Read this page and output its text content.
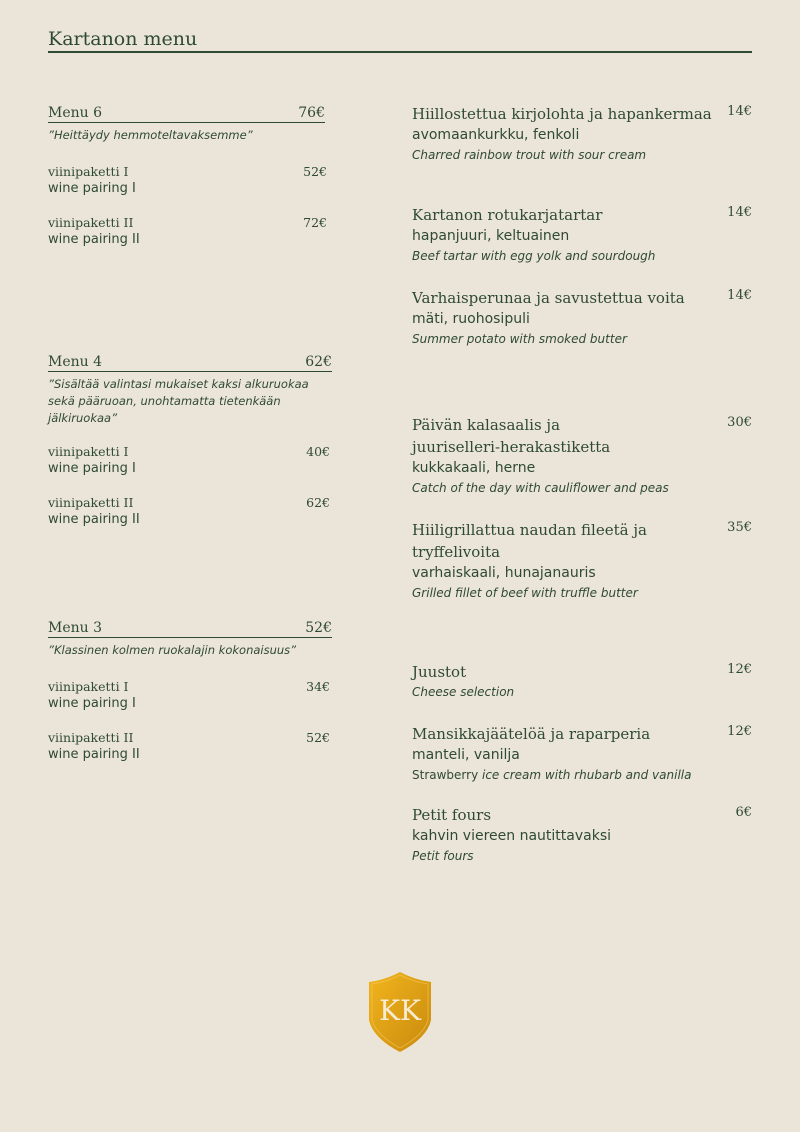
Kartanon menu
Menu 6	76€
”Heittäydy hemmoteltavaksemme”
viinipaketti I	52€
wine pairing I
viinipaketti II	72€
wine pairing II
Menu 4	62€
”Sisältää valintasi mukaiset kaksi alkuruokaa sekä pääruoan, unohtamatta tietenkään jälkiruokaa”
viinipaketti I	40€
wine pairing I
viinipaketti II	62€
wine pairing II
Menu 3	52€
”Klassinen kolmen ruokalajin kokonaisuus”
viinipaketti I	34€
wine pairing I
viinipaketti II	52€
wine pairing II
Hiillostettua kirjolohta ja hapankermaa 14€
avomaankurkku, fenkoli
Charred rainbow trout with sour cream
Kartanon rotukarjatartar	14€
hapanjuuri, keltuainen
Beef tartar with egg yolk and sourdough
Varhaisperunaa ja savustettua voita	14€
mäti, ruohosipuli
Summer potato with smoked butter
Päivän kalasaalis ja juuriselleri-herakastiketta
30€
kukkakaali, herne
Catch of the day with cauliflower and peas
Hiiligrillattua naudan fileetä ja tryffelivoita
35€
varhaiskaali, hunajanauris
Grilled fillet of beef with truffle butter
Juustot	12€
Cheese selection
Mansikkajäätelöä ja raparperia	12€
manteli, vanilja
Strawberry ice cream with rhubarb and vanilla
Petit fours	6€
kahvin viereen nautittavaksi
Petit fours
KK
